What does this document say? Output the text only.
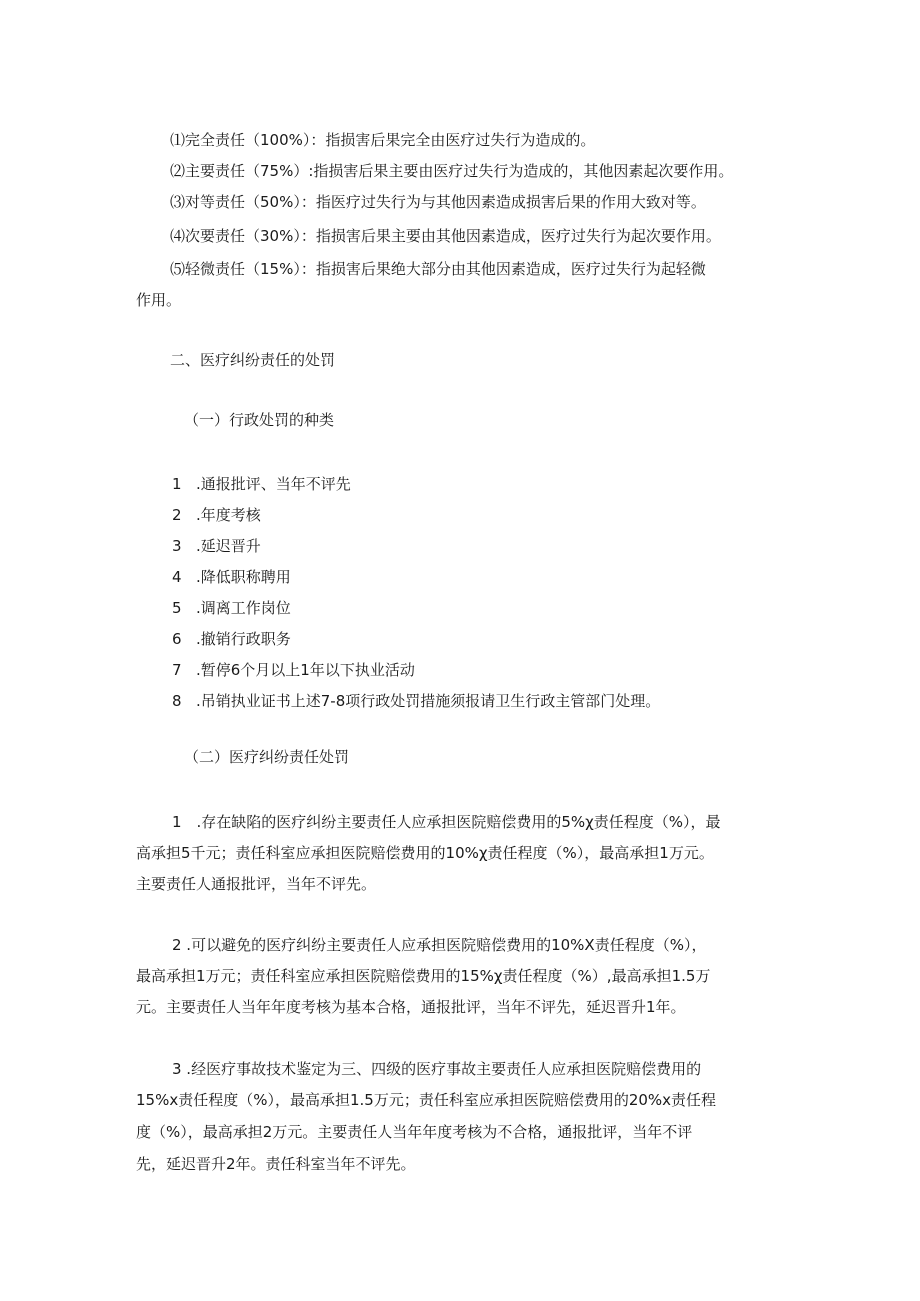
⑴完全责任（100%）：指损害后果完全由医疗过失行为造成的。
⑵主要责任（75%）:指损害后果主要由医疗过失行为造成的，其他因素起次要作用。
⑶对等责任（50%）：指医疗过失行为与其他因素造成损害后果的作用大致对等。
⑷次要责任（30%）：指损害后果主要由其他因素造成，医疗过失行为起次要作用。
⑸轻微责任（15%）：指损害后果绝大部分由其他因素造成，医疗过失行为起轻微
作用。
二、医疗纠纷责任的处罚
（一）行政处罚的种类
1 .通报批评、当年不评先
2 .年度考核
3 .延迟晋升
4 .降低职称聘用
5 .调离工作岗位
6 .撤销行政职务
7 .暂停6个月以上1年以下执业活动
8 .吊销执业证书上述7-8项行政处罚措施须报请卫生行政主管部门处理。
（二）医疗纠纷责任处罚
1　.存在缺陷的医疗纠纷主要责任人应承担医院赔偿费用的5%χ责任程度（%），最
高承担5千元；责任科室应承担医院赔偿费用的10%χ责任程度（%），最高承担1万元。
主要责任人通报批评，当年不评先。
2 .可以避免的医疗纠纷主要责任人应承担医院赔偿费用的10%X责任程度（%），
最高承担1万元；责任科室应承担医院赔偿费用的15%χ责任程度（%）,最高承担1.5万
元。主要责任人当年年度考核为基本合格，通报批评，当年不评先，延迟晋升1年。
3 .经医疗事故技术鉴定为三、四级的医疗事故主要责任人应承担医院赔偿费用的
15%x责任程度（%），最高承担1.5万元；责任科室应承担医院赔偿费用的20%x责任程
度（%），最高承担2万元。主要责任人当年年度考核为不合格，通报批评，当年不评
先，延迟晋升2年。责任科室当年不评先。
